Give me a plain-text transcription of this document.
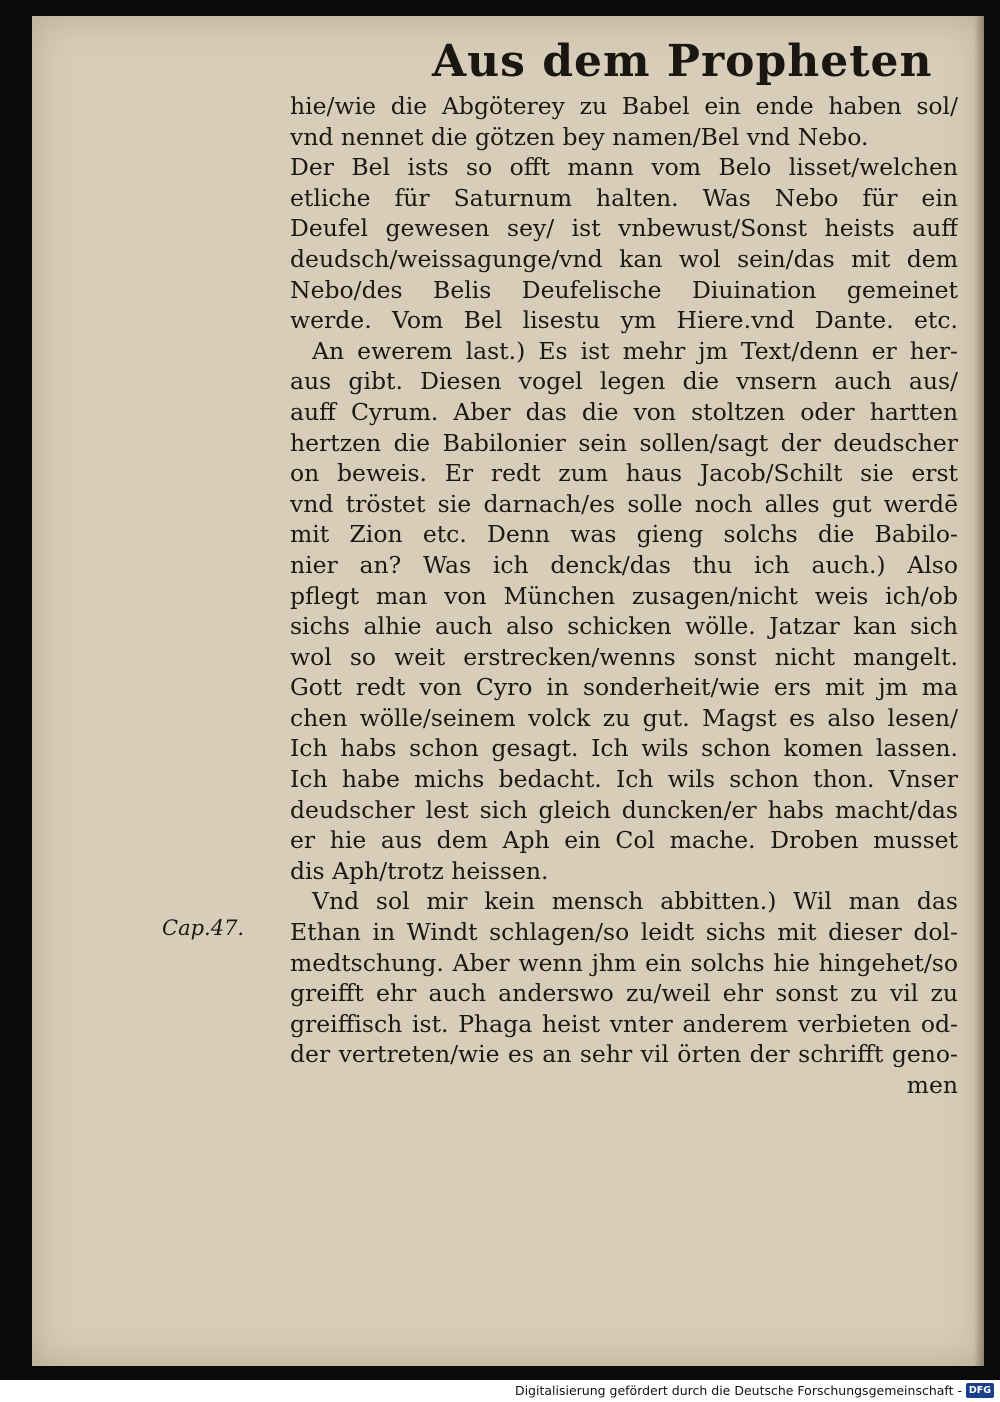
Aus dem Propheten
Cap.47.
hie/wie die Abgöterey zu Babel ein ende haben sol/
vnd nennet die götzen bey namen/Bel vnd Nebo.
Der Bel ists so offt mann vom Belo lisset/welchen
etliche für Saturnum halten. Was Nebo für ein
Deufel gewesen sey/ ist vnbewust/Sonst heists auff
deudsch/weissagunge/vnd kan wol sein/das mit dem
Nebo/des Belis Deufelische Diuination gemeinet
werde. Vom Bel lisestu ym Hiere.vnd Dante. etc.
An ewerem last.) Es ist mehr jm Text/denn er her-
aus gibt. Diesen vogel legen die vnsern auch aus/
auff Cyrum. Aber das die von stoltzen oder hartten
hertzen die Babilonier sein sollen/sagt der deudscher
on beweis. Er redt zum haus Jacob/Schilt sie erst
vnd tröstet sie darnach/es solle noch alles gut werdē
mit Zion etc. Denn was gieng solchs die Babilo-
nier an? Was ich denck/das thu ich auch.) Also
pflegt man von München zusagen/nicht weis ich/ob
sichs alhie auch also schicken wölle. Jatzar kan sich
wol so weit erstrecken/wenns sonst nicht mangelt.
Gott redt von Cyro in sonderheit/wie ers mit jm ma
chen wölle/seinem volck zu gut. Magst es also lesen/
Ich habs schon gesagt. Ich wils schon komen lassen.
Ich habe michs bedacht. Ich wils schon thon. Vnser
deudscher lest sich gleich duncken/er habs macht/das
er hie aus dem Aph ein Col mache. Droben musset
dis Aph/trotz heissen.
Vnd sol mir kein mensch abbitten.) Wil man das
Ethan in Windt schlagen/so leidt sichs mit dieser dol-
medtschung. Aber wenn jhm ein solchs hie hingehet/so
greifft ehr auch anderswo zu/weil ehr sonst zu vil zu
greiffisch ist. Phaga heist vnter anderem verbieten od-
der vertreten/wie es an sehr vil örten der schrifft geno-
men
Digitalisierung gefördert durch die Deutsche Forschungsgemeinschaft - DFG
